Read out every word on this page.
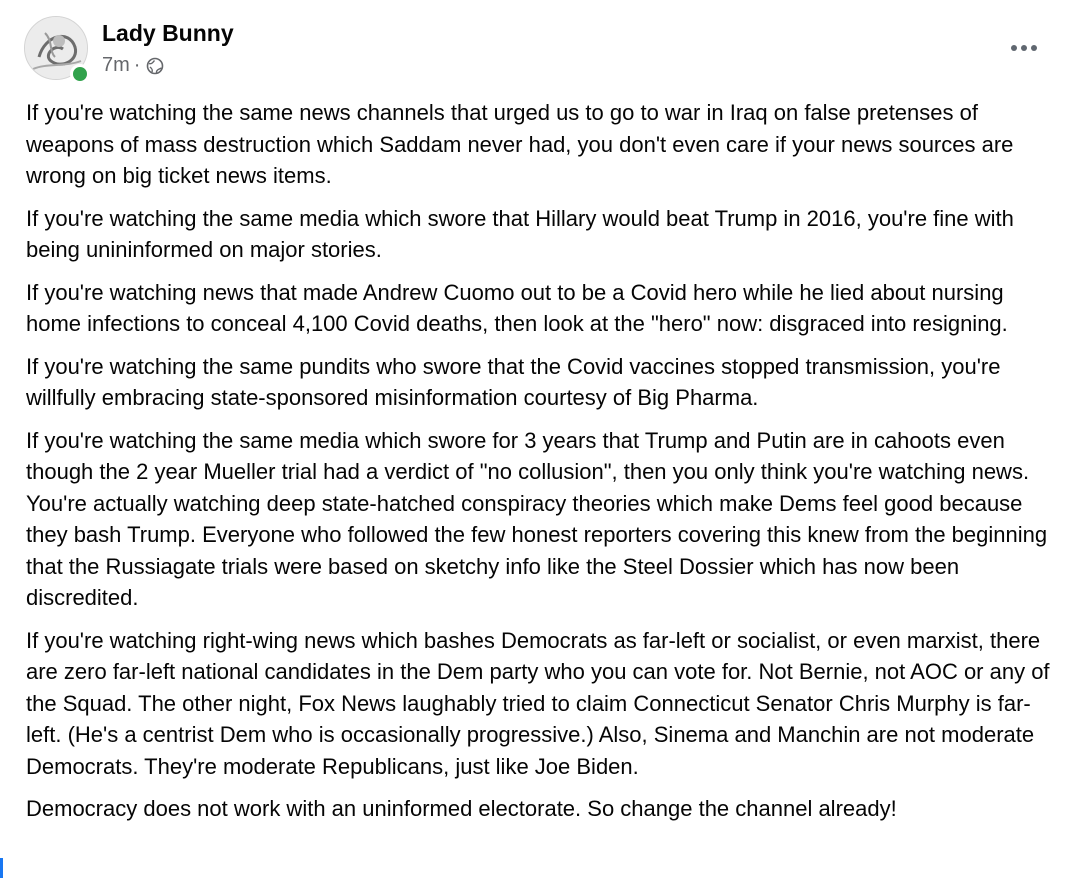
Lady Bunny
7m ·

If you're watching the same news channels that urged us to go to war in Iraq on false pretenses of weapons of mass destruction which Saddam never had, you don't even care if your news sources are wrong on big ticket news items.

If you're watching the same media which swore that Hillary would beat Trump in 2016, you're fine with being unininformed on major stories.

If you're watching news that made Andrew Cuomo out to be a Covid hero while he lied about nursing home infections to conceal 4,100 Covid deaths, then look at the "hero" now: disgraced into resigning.

If you're watching the same pundits who swore that the Covid vaccines stopped transmission, you're willfully embracing state-sponsored misinformation courtesy of Big Pharma.

If you're watching the same media which swore for 3 years that Trump and Putin are in cahoots even though the 2 year Mueller trial had a verdict of "no collusion", then you only think you're watching news. You're actually watching deep state-hatched conspiracy theories which make Dems feel good because they bash Trump. Everyone who followed the few honest reporters covering this knew from the beginning that the Russiagate trials were based on sketchy info like the Steel Dossier which has now been discredited.

If you're watching right-wing news which bashes Democrats as far-left or socialist, or even marxist, there are zero far-left national candidates in the Dem party who you can vote for. Not Bernie, not AOC or any of the Squad. The other night, Fox News laughably tried to claim Connecticut Senator Chris Murphy is far-left. (He's a centrist Dem who is occasionally progressive.) Also, Sinema and Manchin are not moderate Democrats. They're moderate Republicans, just like Joe Biden.

Democracy does not work with an uninformed electorate. So change the channel already!
